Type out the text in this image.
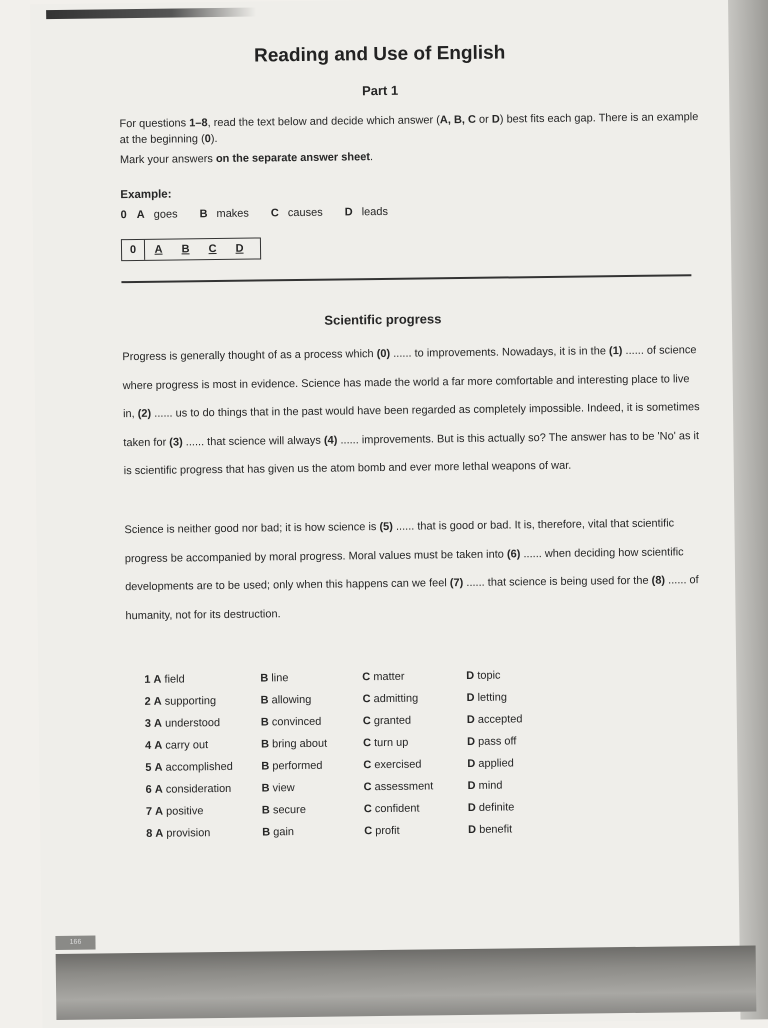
Reading and Use of English
Part 1

For questions 1–8, read the text below and decide which answer (A, B, C or D) best fits each gap. There is an example at the beginning (0).

Mark your answers on the separate answer sheet.

Example:
0 A goes B makes C causes D leads
0	A	B	C	D
Scientific progress
Progress is generally thought of as a process which (0) ...... to improvements. Nowadays, it is in the (1) ...... of science where progress is most in evidence. Science has made the world a far more comfortable and interesting place to live in, (2) ...... us to do things that in the past would have been regarded as completely impossible. Indeed, it is sometimes taken for (3) ...... that science will always (4) ...... improvements. But is this actually so? The answer has to be 'No' as it is scientific progress that has given us the atom bomb and ever more lethal weapons of war.
Science is neither good nor bad; it is how science is (5) ...... that is good or bad. It is, therefore, vital that scientific progress be accompanied by moral progress. Moral values must be taken into (6) ...... when deciding how scientific developments are to be used; only when this happens can we feel (7) ...... that science is being used for the (8) ...... of humanity, not for its destruction.
1 A field	B line	C matter	D topic
2 A supporting	B allowing	C admitting	D letting
3 A understood	B convinced	C granted	D accepted
4 A carry out	B bring about	C turn up	D pass off
5 A accomplished	B performed	C exercised	D applied
6 A consideration	B view	C assessment	D mind
7 A positive	B secure	C confident	D definite
8 A provision	B gain	C profit	D benefit
166
